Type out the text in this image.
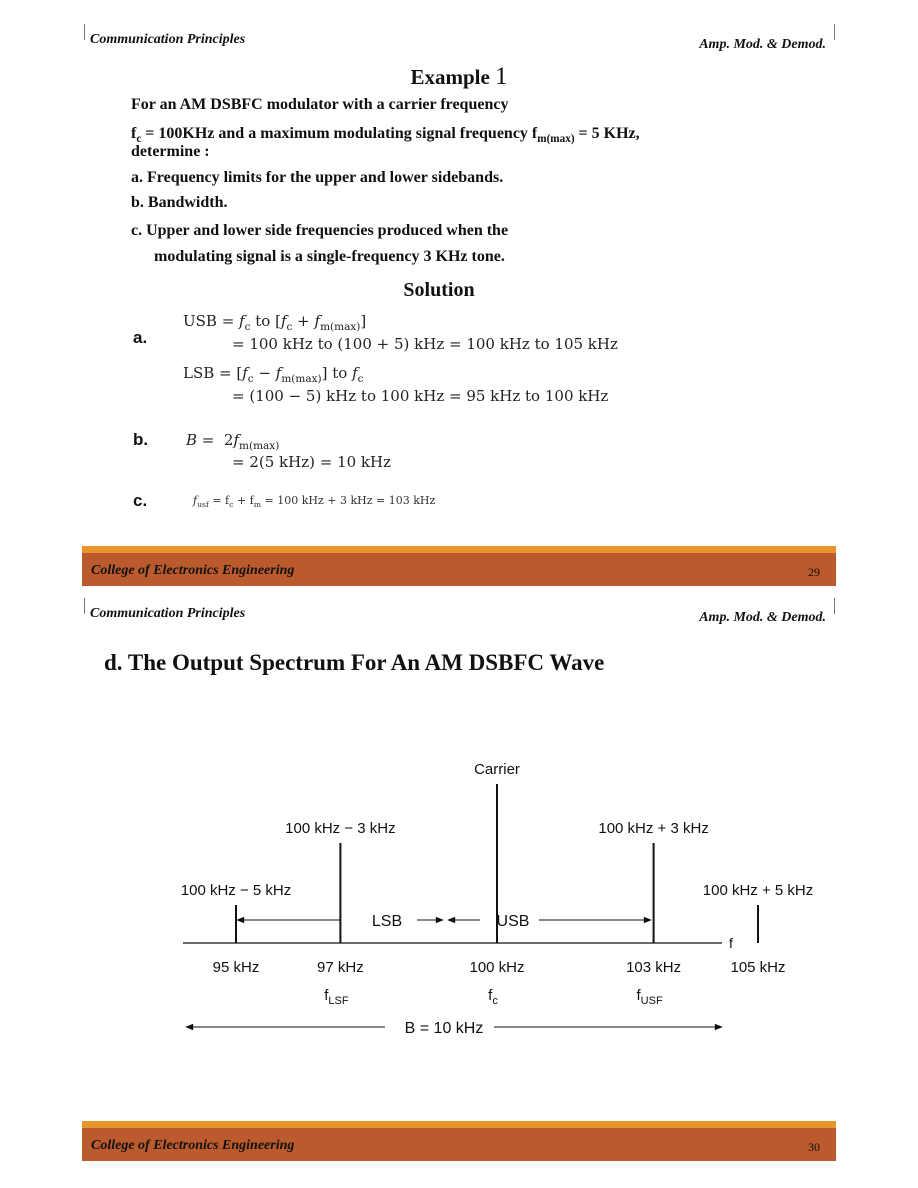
Communication Principles	Amp. Mod. & Demod.
Example 1
For an AM DSBFC modulator with a carrier frequency
$f_c = 100KHz$ and a maximum modulating signal frequency $f_{m(max)} = 5$ KHz,
determine :
a. Frequency limits for the upper and lower sidebands.
b. Bandwidth.
c. Upper and lower side frequencies produced when the
modulating signal is a single-frequency 3 KHz tone.
Solution
a.
USB = $f_c$ to $[f_c + f_{m(max)}]$
= 100 kHz to (100 + 5) kHz = 100 kHz to 105 kHz
LSB = $[f_c - f_{m(max)}]$ to $f_c$
= (100 − 5) kHz to 100 kHz = 95 kHz to 100 kHz
b.	$B = 2f_{m(max)}$
= 2(5 kHz) = 10 kHz
c.	$f_{usf} = f_c + f_m = 100$ kHz + 3 kHz = 103 kHz
College of Electronics Engineering	29
Communication Principles	Amp. Mod. & Demod.
d. The Output Spectrum For An AM DSBFC Wave
f
100 kHz − 5 kHz
95 kHz
100 kHz − 3 kHz
97 kHz
Carrier
100 kHz
100 kHz + 3 kHz
103 kHz
100 kHz + 5 kHz
105 kHz
LSB	USB
$f_{LSF}$	$f_c$	$f_{USF}$
B = 10 kHz
College of Electronics Engineering	30
